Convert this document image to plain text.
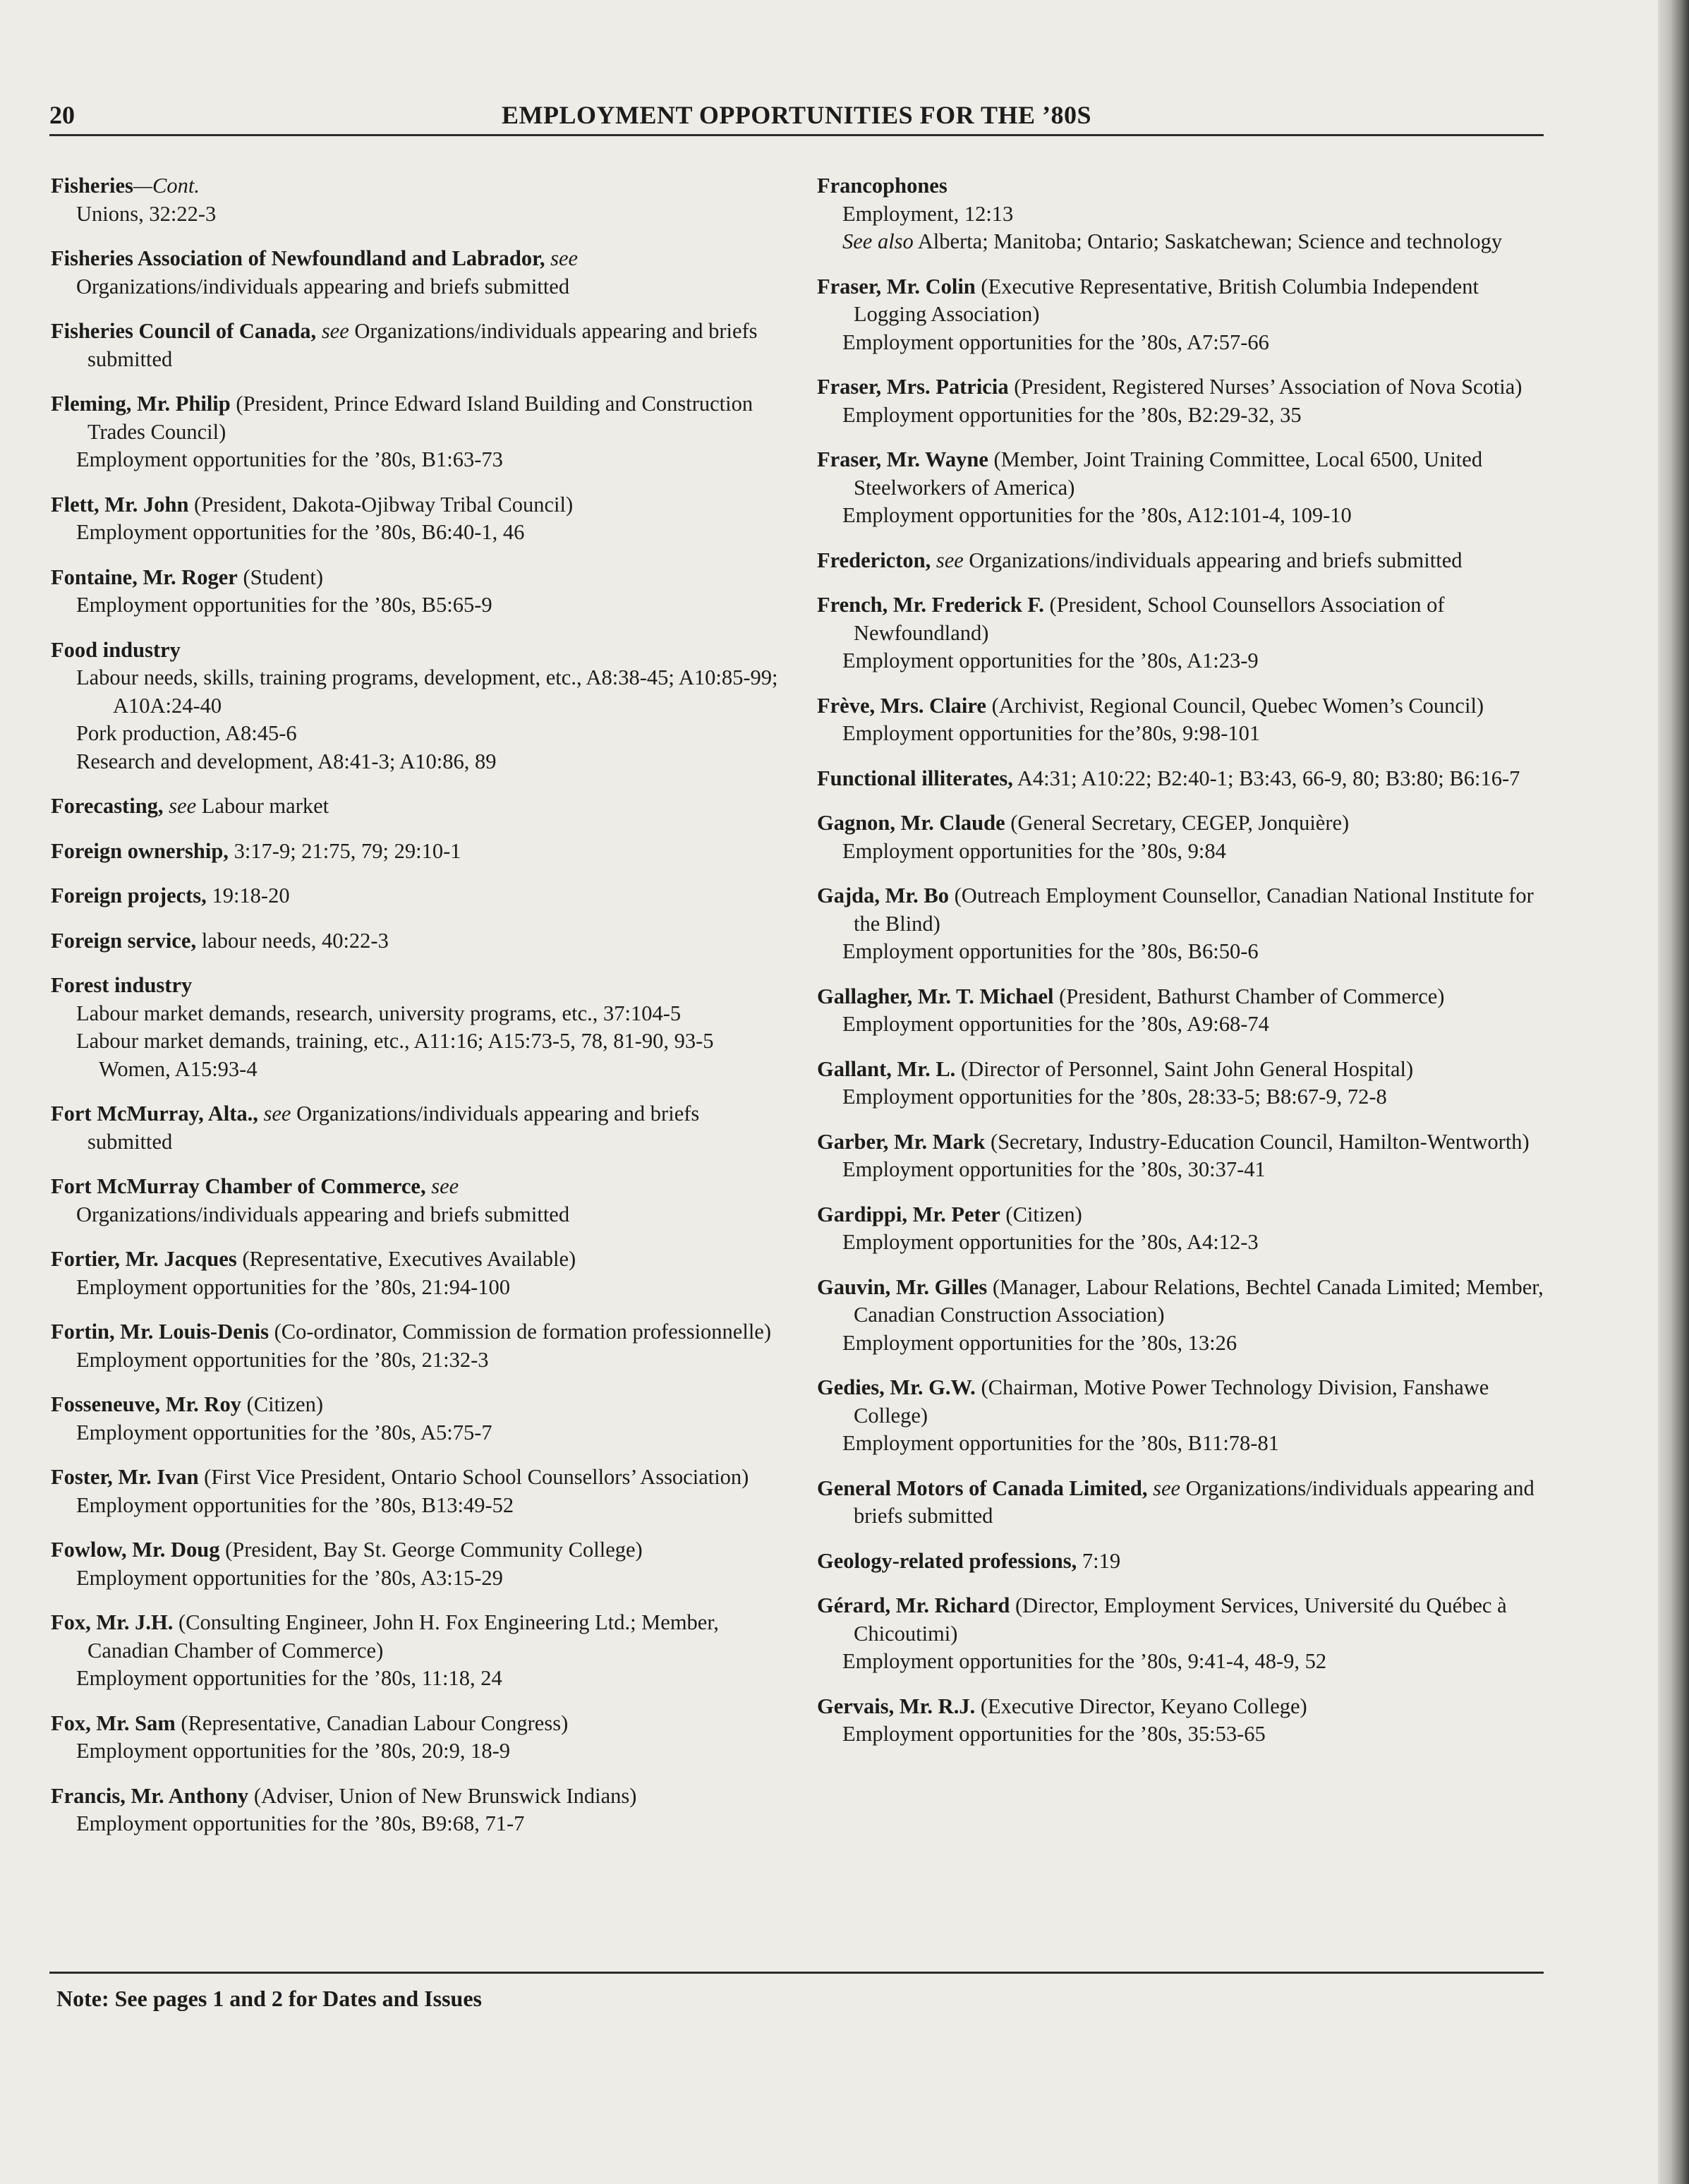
20	EMPLOYMENT OPPORTUNITIES FOR THE ’80S
Fisheries—Cont.
Unions, 32:22-3
Fisheries Association of Newfoundland and Labrador, see
Organizations/individuals appearing and briefs submitted
Fisheries Council of Canada, see Organizations/individuals appearing and briefs submitted
Fleming, Mr. Philip (President, Prince Edward Island Building and Construction Trades Council)
Employment opportunities for the ’80s, B1:63-73
Flett, Mr. John (President, Dakota-Ojibway Tribal Council)
Employment opportunities for the ’80s, B6:40-1, 46
Fontaine, Mr. Roger (Student)
Employment opportunities for the ’80s, B5:65-9
Food industry
Labour needs, skills, training programs, development, etc., A8:38-45; A10:85-99; A10A:24-40
Pork production, A8:45-6
Research and development, A8:41-3; A10:86, 89
Forecasting, see Labour market
Foreign ownership, 3:17-9; 21:75, 79; 29:10-1
Foreign projects, 19:18-20
Foreign service, labour needs, 40:22-3
Forest industry
Labour market demands, research, university programs, etc., 37:104-5
Labour market demands, training, etc., A11:16; A15:73-5, 78, 81-90, 93-5
Women, A15:93-4
Fort McMurray, Alta., see Organizations/individuals appearing and briefs submitted
Fort McMurray Chamber of Commerce, see
Organizations/individuals appearing and briefs submitted
Fortier, Mr. Jacques (Representative, Executives Available)
Employment opportunities for the ’80s, 21:94-100
Fortin, Mr. Louis-Denis (Co-ordinator, Commission de formation professionnelle)
Employment opportunities for the ’80s, 21:32-3
Fosseneuve, Mr. Roy (Citizen)
Employment opportunities for the ’80s, A5:75-7
Foster, Mr. Ivan (First Vice President, Ontario School Counsellors’ Association)
Employment opportunities for the ’80s, B13:49-52
Fowlow, Mr. Doug (President, Bay St. George Community College)
Employment opportunities for the ’80s, A3:15-29
Fox, Mr. J.H. (Consulting Engineer, John H. Fox Engineering Ltd.; Member, Canadian Chamber of Commerce)
Employment opportunities for the ’80s, 11:18, 24
Fox, Mr. Sam (Representative, Canadian Labour Congress)
Employment opportunities for the ’80s, 20:9, 18-9
Francis, Mr. Anthony (Adviser, Union of New Brunswick Indians)
Employment opportunities for the ’80s, B9:68, 71-7
Francophones
Employment, 12:13
See also Alberta; Manitoba; Ontario; Saskatchewan; Science and technology
Fraser, Mr. Colin (Executive Representative, British Columbia Independent Logging Association)
Employment opportunities for the ’80s, A7:57-66
Fraser, Mrs. Patricia (President, Registered Nurses’ Association of Nova Scotia)
Employment opportunities for the ’80s, B2:29-32, 35
Fraser, Mr. Wayne (Member, Joint Training Committee, Local 6500, United Steelworkers of America)
Employment opportunities for the ’80s, A12:101-4, 109-10
Fredericton, see Organizations/individuals appearing and briefs submitted
French, Mr. Frederick F. (President, School Counsellors Association of Newfoundland)
Employment opportunities for the ’80s, A1:23-9
Frève, Mrs. Claire (Archivist, Regional Council, Quebec Women’s Council)
Employment opportunities for the’80s, 9:98-101
Functional illiterates, A4:31; A10:22; B2:40-1; B3:43, 66-9, 80; B3:80; B6:16-7
Gagnon, Mr. Claude (General Secretary, CEGEP, Jonquière)
Employment opportunities for the ’80s, 9:84
Gajda, Mr. Bo (Outreach Employment Counsellor, Canadian National Institute for the Blind)
Employment opportunities for the ’80s, B6:50-6
Gallagher, Mr. T. Michael (President, Bathurst Chamber of Commerce)
Employment opportunities for the ’80s, A9:68-74
Gallant, Mr. L. (Director of Personnel, Saint John General Hospital)
Employment opportunities for the ’80s, 28:33-5; B8:67-9, 72-8
Garber, Mr. Mark (Secretary, Industry-Education Council, Hamilton-Wentworth)
Employment opportunities for the ’80s, 30:37-41
Gardippi, Mr. Peter (Citizen)
Employment opportunities for the ’80s, A4:12-3
Gauvin, Mr. Gilles (Manager, Labour Relations, Bechtel Canada Limited; Member, Canadian Construction Association)
Employment opportunities for the ’80s, 13:26
Gedies, Mr. G.W. (Chairman, Motive Power Technology Division, Fanshawe College)
Employment opportunities for the ’80s, B11:78-81
General Motors of Canada Limited, see Organizations/individuals appearing and briefs submitted
Geology-related professions, 7:19
Gérard, Mr. Richard (Director, Employment Services, Université du Québec à Chicoutimi)
Employment opportunities for the ’80s, 9:41-4, 48-9, 52
Gervais, Mr. R.J. (Executive Director, Keyano College)
Employment opportunities for the ’80s, 35:53-65
Note: See pages 1 and 2 for Dates and Issues
